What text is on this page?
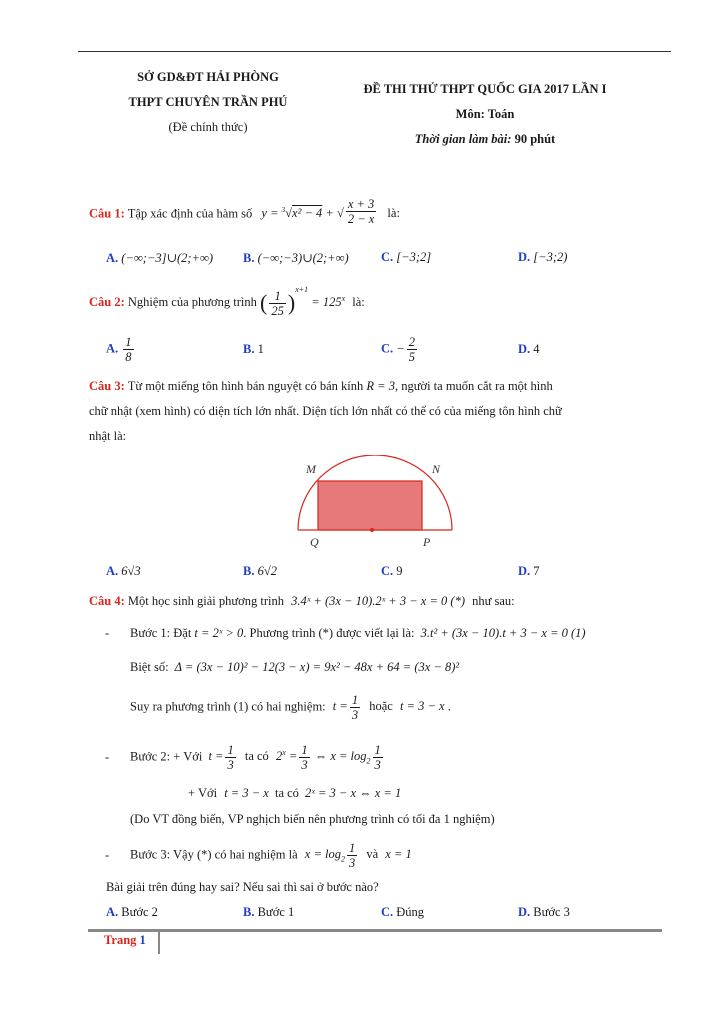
SỞ GD&ĐT HẢI PHÒNG
THPT CHUYÊN TRẦN PHÚ
(Đề chính thức)
ĐỀ THI THỬ THPT QUỐC GIA 2017 LẦN I
Môn: Toán
Thời gian làm bài: 90 phút
Câu 1: Tập xác định của hàm số y = $^3$√x² − 4 + √ $\frac{x + 3}{2 - x}$ là:
A. (−∞;−3]∪(2;+∞) B. (−∞;−3)∪(2;+∞)	C. [−3;2]	D. [−3;2)
Câu 2: Nghiệm của phương trình ( $\frac{1}{25} )^{x+1} = 125^x$ là:
A. $\frac{1}{8}$	B. 1	C. − $\frac{2}{5}$	D. 4
Câu 3: Từ một miếng tôn hình bán nguyệt có bán kính R = 3, người ta muốn cắt ra một hình
chữ nhật (xem hình) có diện tích lớn nhất. Diện tích lớn nhất có thể có của miếng tôn hình chữ
nhật là:
M	N
Q	P
A. 6√3	B. 6√2	C. 9	D. 7
Câu 4: Một học sinh giải phương trình 3.4ˣ + (3x − 10).2ˣ + 3 − x = 0 (*) như sau:
- Bước 1: Đặt t = 2ˣ > 0. Phương trình (*) được viết lại là: 3.t² + (3x − 10).t + 3 − x = 0 (1)
Biệt số: Δ = (3x − 10)² − 12(3 − x) = 9x² − 48x + 64 = (3x − 8)²
Suy ra phương trình (1) có hai nghiệm: $t = \frac{1}{3}$ hoặc t = 3 − x .
- Bước 2: + Với $t = \frac{1}{3}$ ta có $2^x = \frac{1}{3}$ ⇔ $x = \log_2 \frac{1}{3}$
+ Với t = 3 − x ta có 2ˣ = 3 − x ⇔ x = 1
(Do VT đồng biến, VP nghịch biến nên phương trình có tối đa 1 nghiệm)
- Bước 3: Vậy (*) có hai nghiệm là $x = \log_2 \frac{1}{3}$ và x = 1
Bài giải trên đúng hay sai? Nếu sai thì sai ở bước nào?
A. Bước 2	B. Bước 1	C. Đúng	D. Bước 3
Trang 1
